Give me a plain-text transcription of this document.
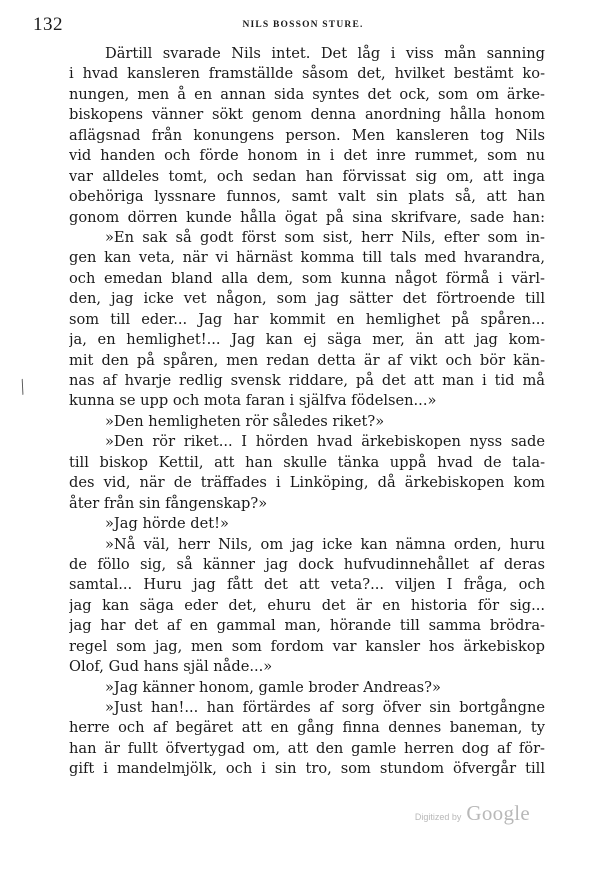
132	NILS BOSSON STURE.
Därtill svarade Nils intet. Det låg i viss mån sanning
i hvad kansleren framställde såsom det, hvilket bestämt ko-
nungen, men å en annan sida syntes det ock, som om ärke-
biskopens vänner sökt genom denna anordning hålla honom
aflägsnad från konungens person. Men kansleren tog Nils
vid handen och förde honom in i det inre rummet, som nu
var alldeles tomt, och sedan han förvissat sig om, att inga
obehöriga lyssnare funnos, samt valt sin plats så, att han
gonom dörren kunde hålla ögat på sina skrifvare, sade han:
»En sak så godt först som sist, herr Nils, efter som in-
gen kan veta, när vi härnäst komma till tals med hvarandra,
och emedan bland alla dem, som kunna något förmå i värl-
den, jag icke vet någon, som jag sätter det förtroende till
som till eder... Jag har kommit en hemlighet på spåren...
ja, en hemlighet!... Jag kan ej säga mer, än att jag kom-
mit den på spåren, men redan detta är af vikt och bör kän-
nas af hvarje redlig svensk riddare, på det att man i tid må
kunna se upp och mota faran i själfva födelsen...»
»Den hemligheten rör således riket?»
»Den rör riket... I hörden hvad ärkebiskopen nyss sade
till biskop Kettil, att han skulle tänka uppå hvad de tala-
des vid, när de träffades i Linköping, då ärkebiskopen kom
åter från sin fångenskap?»
»Jag hörde det!»
»Nå väl, herr Nils, om jag icke kan nämna orden, huru
de föllo sig, så känner jag dock hufvudinnehållet af deras
samtal... Huru jag fått det att veta?... viljen I fråga, och
jag kan säga eder det, ehuru det är en historia för sig...
jag har det af en gammal man, hörande till samma brödra-
regel som jag, men som fordom var kansler hos ärkebiskop
Olof, Gud hans själ nåde...»
»Jag känner honom, gamle broder Andreas?»
»Just han!... han förtärdes af sorg öfver sin bortgångne
herre och af begäret att en gång finna dennes baneman, ty
han är fullt öfvertygad om, att den gamle herren dog af för-
gift i mandelmjölk, och i sin tro, som stundom öfvergår till
╱
Digitized by Google
